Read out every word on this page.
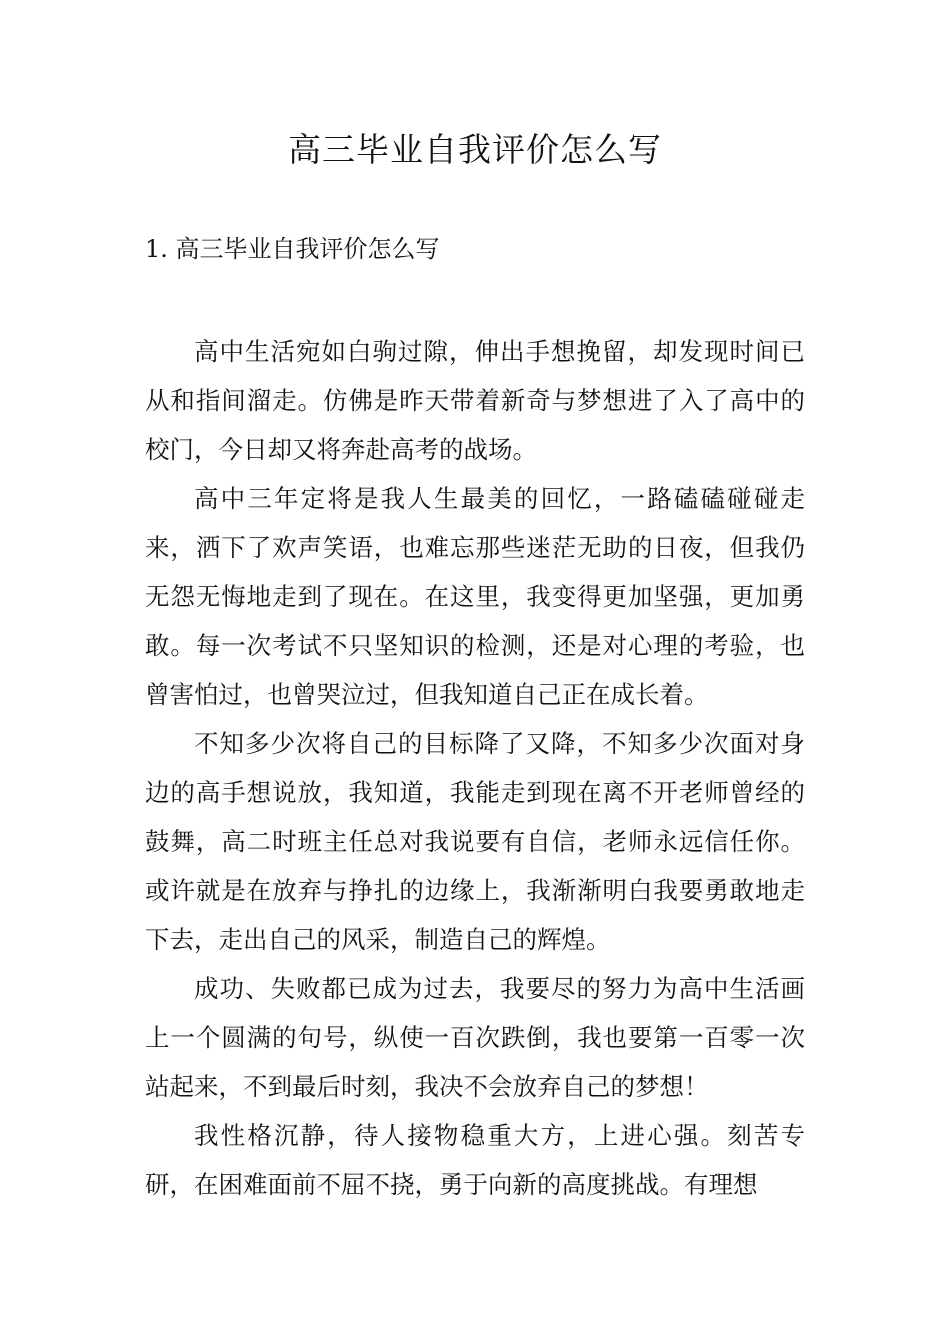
高三毕业自我评价怎么写
1. 高三毕业自我评价怎么写

高中生活宛如白驹过隙，伸出手想挽留，却发现时间已从和指间溜走。仿佛是昨天带着新奇与梦想进了入了高中的校门，今日却又将奔赴高考的战场。

高中三年定将是我人生最美的回忆，一路磕磕碰碰走来，洒下了欢声笑语，也难忘那些迷茫无助的日夜，但我仍无怨无悔地走到了现在。在这里，我变得更加坚强，更加勇敢。每一次考试不只坚知识的检测，还是对心理的考验，也曾害怕过，也曾哭泣过，但我知道自己正在成长着。

不知多少次将自己的目标降了又降，不知多少次面对身边的高手想说放，我知道，我能走到现在离不开老师曾经的鼓舞，高二时班主任总对我说要有自信，老师永远信任你。或许就是在放弃与挣扎的边缘上，我渐渐明白我要勇敢地走下去，走出自己的风采，制造自己的辉煌。

成功、失败都已成为过去，我要尽的努力为高中生活画上一个圆满的句号，纵使一百次跌倒，我也要第一百零一次站起来，不到最后时刻，我决不会放弃自己的梦想！

我性格沉静，待人接物稳重大方，上进心强。刻苦专研，在困难面前不屈不挠，勇于向新的高度挑战。有理想
